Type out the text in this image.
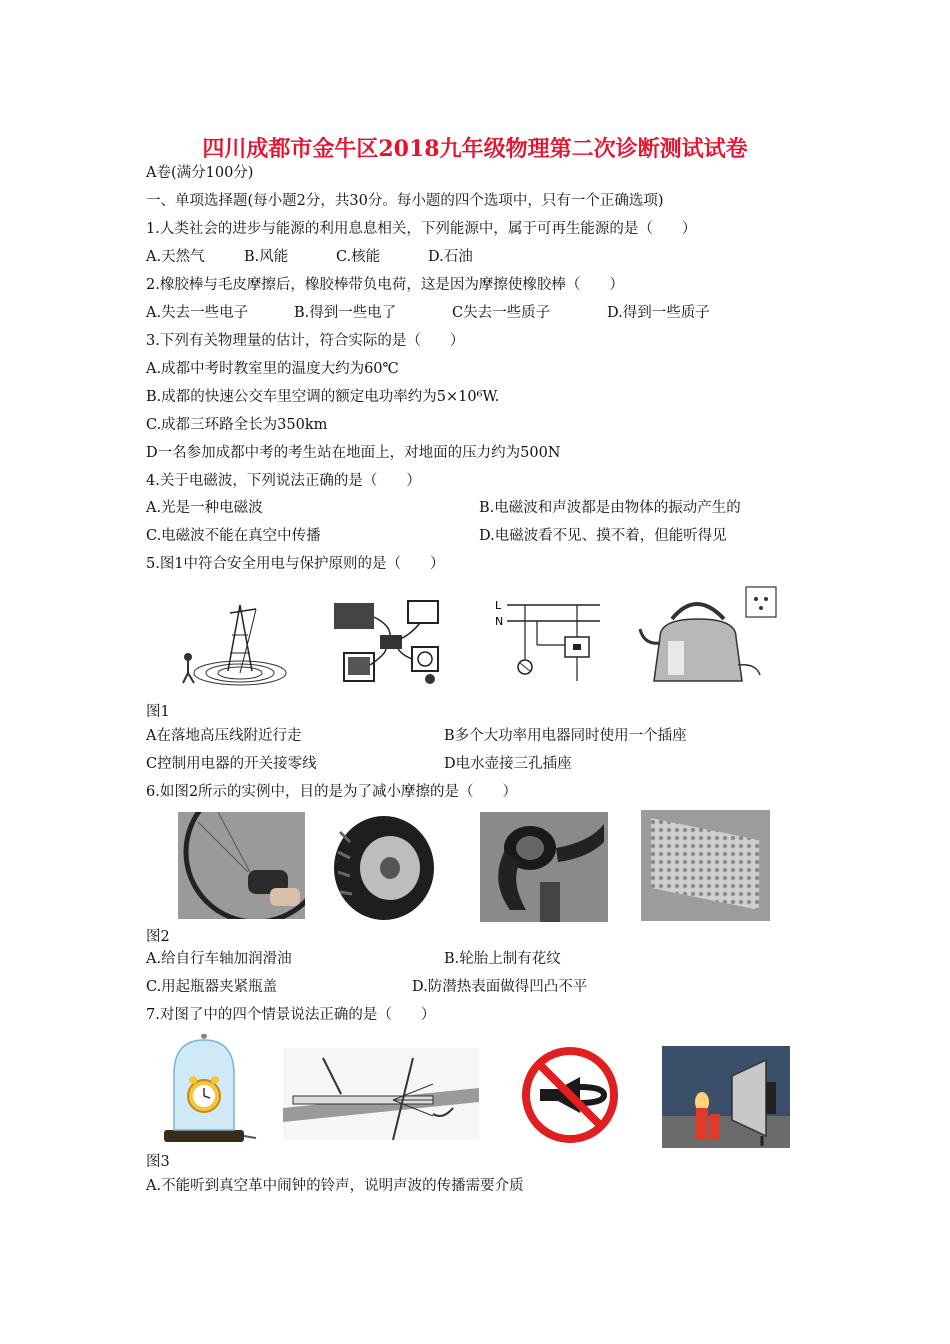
四川成都市金牛区2018九年级物理第二次诊断测试试卷
A卷(满分100分)
一、单项选择题(每小题2分，共30分。每小题的四个选项中，只有一个正确选项)
1.人类社会的进步与能源的利用息息相关，下列能源中，属于可再生能源的是（　　）
A.天然气	B.风能	C.核能	D.石油
2.橡胶棒与毛皮摩擦后，橡胶棒带负电荷，这是因为摩擦使橡胶棒（　　）
A.失去一些电子	B.得到一些电了	C失去一些质子	D.得到一些质子
3.下列有关物理量的估计，符合实际的是（　　）
A.成都中考时教室里的温度大约为60℃
B.成都的快速公交车里空调的额定电功率约为5×10⁶W.
C.成都三环路全长为350km
D一名参加成都中考的考生站在地面上，对地面的压力约为500N
4.关于电磁波，下列说法正确的是（　　）
A.光是一种电磁波	B.电磁波和声波都是由物体的振动产生的
C.电磁波不能在真空中传播	D.电磁波看不见、摸不着，但能听得见
5.图1中符合安全用电与保护原则的是（　　）
L
N
图1
A在落地高压线附近行走	B多个大功率用电器同时使用一个插座
C控制用电器的开关接零线	D电水壶接三孔插座
6.如图2所示的实例中，目的是为了减小摩擦的是（　　）
图2
A.给自行车轴加润滑油	B.轮胎上制有花纹
C.用起瓶器夹紧瓶盖	D.防潜热表面做得凹凸不平
7.对图了中的四个情景说法正确的是（　　）
图3
A.不能听到真空革中闹钟的铃声，说明声波的传播需要介质
